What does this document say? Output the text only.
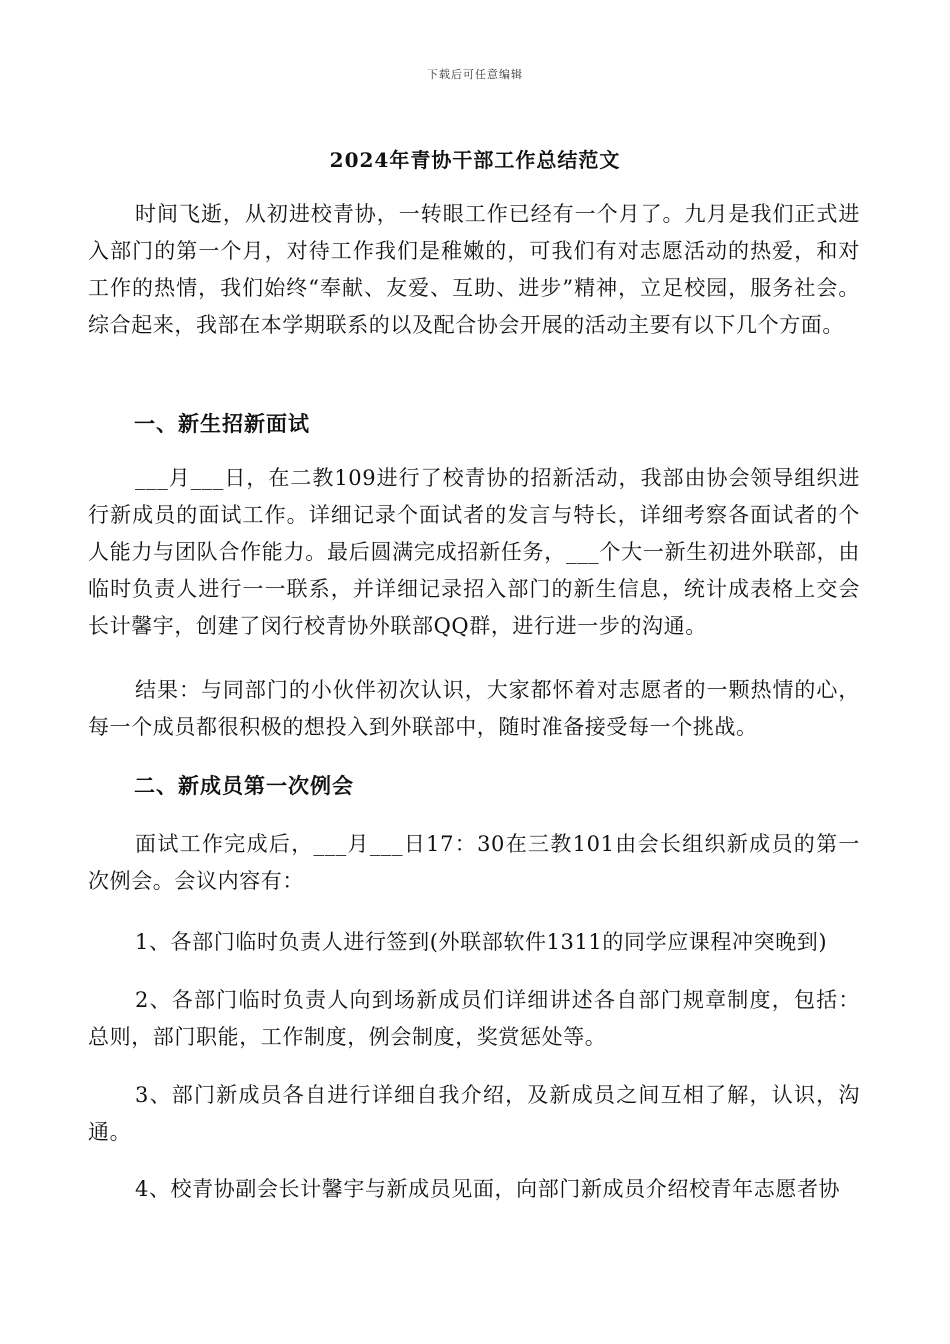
下载后可任意编辑
2024年青协干部工作总结范文

时间飞逝，从初进校青协，一转眼工作已经有一个月了。九月是我们正式进入部门的第一个月，对待工作我们是稚嫩的，可我们有对志愿活动的热爱，和对工作的热情，我们始终“奉献、友爱、互助、进步”精神，立足校园，服务社会。综合起来，我部在本学期联系的以及配合协会开展的活动主要有以下几个方面。

一、新生招新面试

___月___日，在二教109进行了校青协的招新活动，我部由协会领导组织进行新成员的面试工作。详细记录个面试者的发言与特长，详细考察各面试者的个人能力与团队合作能力。最后圆满完成招新任务，___个大一新生初进外联部，由临时负责人进行一一联系，并详细记录招入部门的新生信息，统计成表格上交会长计馨宇，创建了闵行校青协外联部QQ群，进行进一步的沟通。

结果：与同部门的小伙伴初次认识，大家都怀着对志愿者的一颗热情的心，每一个成员都很积极的想投入到外联部中，随时准备接受每一个挑战。

二、新成员第一次例会

面试工作完成后，___月___日17：30在三教101由会长组织新成员的第一次例会。会议内容有：

1、各部门临时负责人进行签到(外联部软件1311的同学应课程冲突晚到)

2、各部门临时负责人向到场新成员们详细讲述各自部门规章制度，包括：总则，部门职能，工作制度，例会制度，奖赏惩处等。

3、部门新成员各自进行详细自我介绍，及新成员之间互相了解，认识，沟通。

4、校青协副会长计馨宇与新成员见面，向部门新成员介绍校青年志愿者协
